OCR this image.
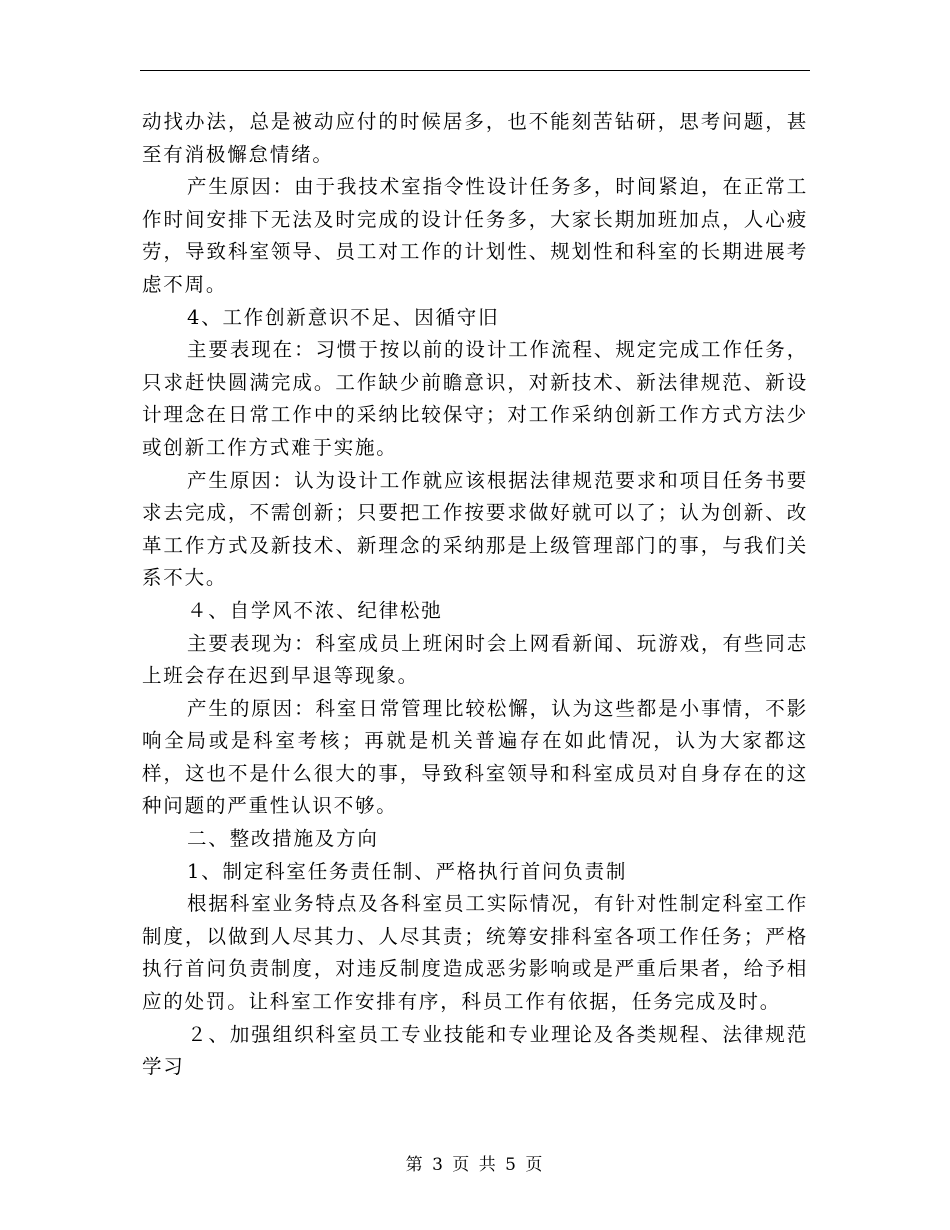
动找办法，总是被动应付的时候居多，也不能刻苦钻研，思考问题，甚至有消极懈怠情绪。

产生原因：由于我技术室指令性设计任务多，时间紧迫，在正常工作时间安排下无法及时完成的设计任务多，大家长期加班加点，人心疲劳，导致科室领导、员工对工作的计划性、规划性和科室的长期进展考虑不周。

4、工作创新意识不足、因循守旧

主要表现在：习惯于按以前的设计工作流程、规定完成工作任务，只求赶快圆满完成。工作缺少前瞻意识，对新技术、新法律规范、新设计理念在日常工作中的采纳比较保守；对工作采纳创新工作方式方法少或创新工作方式难于实施。

产生原因：认为设计工作就应该根据法律规范要求和项目任务书要求去完成，不需创新；只要把工作按要求做好就可以了；认为创新、改革工作方式及新技术、新理念的采纳那是上级管理部门的事，与我们关系不大。

４、自学风不浓、纪律松弛

主要表现为：科室成员上班闲时会上网看新闻、玩游戏，有些同志上班会存在迟到早退等现象。

产生的原因：科室日常管理比较松懈，认为这些都是小事情，不影响全局或是科室考核；再就是机关普遍存在如此情况，认为大家都这样，这也不是什么很大的事，导致科室领导和科室成员对自身存在的这种问题的严重性认识不够。

二、整改措施及方向

1、制定科室任务责任制、严格执行首问负责制

根据科室业务特点及各科室员工实际情况，有针对性制定科室工作制度，以做到人尽其力、人尽其责；统筹安排科室各项工作任务；严格执行首问负责制度，对违反制度造成恶劣影响或是严重后果者，给予相应的处罚。让科室工作安排有序，科员工作有依据，任务完成及时。

２、加强组织科室员工专业技能和专业理论及各类规程、法律规范学习

第 3 页 共 5 页
